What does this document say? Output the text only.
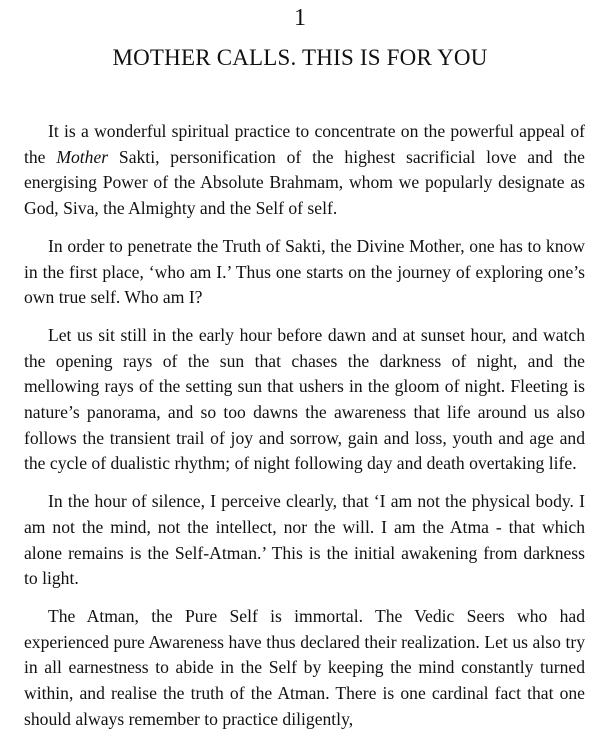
1
MOTHER CALLS. THIS IS FOR YOU

It is a wonderful spiritual practice to concentrate on the powerful appeal of the Mother Sakti, personification of the highest sacrificial love and the energising Power of the Absolute Brahmam, whom we popularly designate as God, Siva, the Almighty and the Self of self.

In order to penetrate the Truth of Sakti, the Divine Mother, one has to know in the first place, ‘who am I.’ Thus one starts on the journey of exploring one’s own true self. Who am I?

Let us sit still in the early hour before dawn and at sunset hour, and watch the opening rays of the sun that chases the darkness of night, and the mellowing rays of the setting sun that ushers in the gloom of night. Fleeting is nature’s panorama, and so too dawns the awareness that life around us also follows the transient trail of joy and sorrow, gain and loss, youth and age and the cycle of dualistic rhythm; of night following day and death overtaking life.

In the hour of silence, I perceive clearly, that ‘I am not the physical body. I am not the mind, not the intellect, nor the will. I am the Atma - that which alone remains is the Self-Atman.’ This is the initial awakening from darkness to light.

The Atman, the Pure Self is immortal. The Vedic Seers who had experienced pure Awareness have thus declared their realization. Let us also try in all earnestness to abide in the Self by keeping the mind constantly turned within, and realise the truth of the Atman. There is one cardinal fact that one should always remember to practice diligently,
